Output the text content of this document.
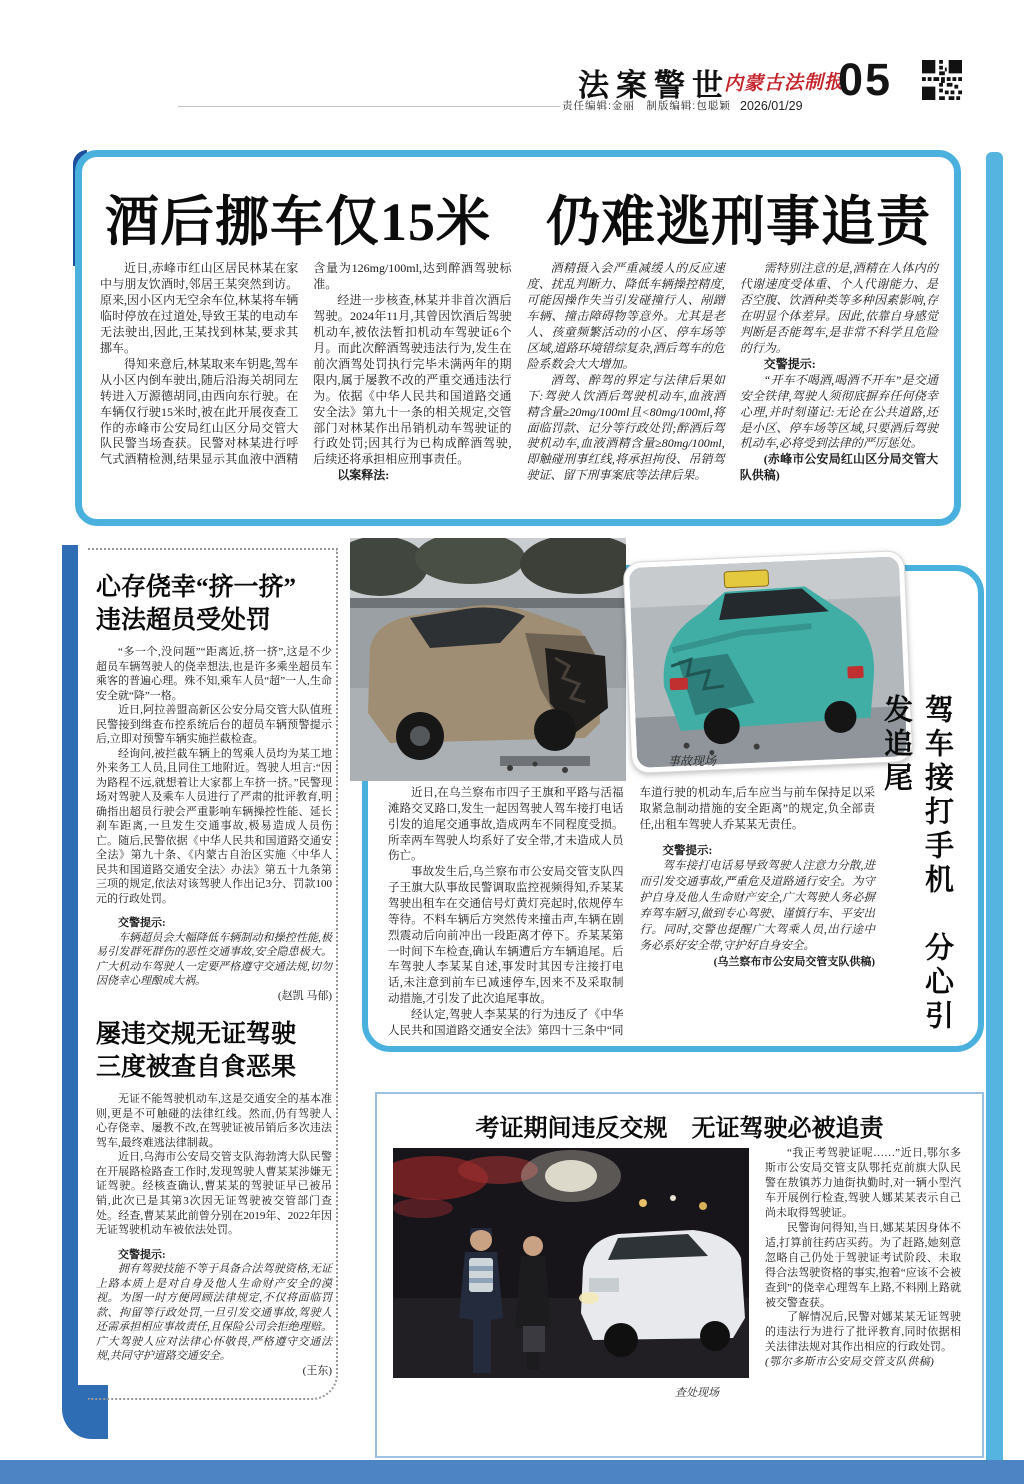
法案警世
责任编辑:金丽　制版编辑:包聪颖
内蒙古法制报
2026/01/29
05
酒后挪车仅15米　仍难逃刑事追责

近日,赤峰市红山区居民林某在家中与朋友饮酒时,邻居王某突然到访。原来,因小区内无空余车位,林某将车辆临时停放在过道处,导致王某的电动车无法驶出,因此,王某找到林某,要求其挪车。

得知来意后,林某取来车钥匙,驾车从小区内倒车驶出,随后沿海关胡同左转进入万源德胡同,由西向东行驶。在车辆仅行驶15米时,被在此开展夜查工作的赤峰市公安局红山区分局交管大队民警当场查获。民警对林某进行呼气式酒精检测,结果显示其血液中酒精含量为126mg/100ml,达到醉酒驾驶标准。

经进一步核查,林某并非首次酒后驾驶。2024年11月,其曾因饮酒后驾驶机动车,被依法暂扣机动车驾驶证6个月。而此次醉酒驾驶违法行为,发生在前次酒驾处罚执行完毕未满两年的期限内,属于屡教不改的严重交通违法行为。依据《中华人民共和国道路交通安全法》第九十一条的相关规定,交管部门对林某作出吊销机动车驾驶证的行政处罚;因其行为已构成醉酒驾驶,后续还将承担相应刑事责任。

以案释法:

酒精摄入会严重减缓人的反应速度、扰乱判断力、降低车辆操控精度,可能因操作失当引发碰撞行人、剐蹭车辆、撞击障碍物等意外。尤其是老人、孩童频繁活动的小区、停车场等区域,道路环境错综复杂,酒后驾车的危险系数会大大增加。

酒驾、醉驾的界定与法律后果如下:驾驶人饮酒后驾驶机动车,血液酒精含量≥20mg/100ml且<80mg/100ml,将面临罚款、记分等行政处罚;醉酒后驾驶机动车,血液酒精含量≥80mg/100ml,即触碰刑事红线,将承担拘役、吊销驾驶证、留下刑事案底等法律后果。

需特别注意的是,酒精在人体内的代谢速度受体重、个人代谢能力、是否空腹、饮酒种类等多种因素影响,存在明显个体差异。因此,依靠自身感觉判断是否能驾车,是非常不科学且危险的行为。

交警提示:

“开车不喝酒,喝酒不开车”是交通安全铁律,驾驶人须彻底摒弃任何侥幸心理,并时刻谨记:无论在公共道路,还是小区、停车场等区域,只要酒后驾驶机动车,必将受到法律的严厉惩处。

(赤峰市公安局红山区分局交管大队供稿)

心存侥幸“挤一挤”
违法超员受处罚

“多一个,没问题”“距离近,挤一挤”,这是不少超员车辆驾驶人的侥幸想法,也是许多乘坐超员车乘客的普遍心理。殊不知,乘车人员“超”一人,生命安全就“降”一格。

近日,阿拉善盟高新区公安分局交管大队值班民警接到缉查布控系统后台的超员车辆预警提示后,立即对预警车辆实施拦截检查。

经询问,被拦截车辆上的驾乘人员均为某工地外来务工人员,且同住工地附近。驾驶人坦言:“因为路程不远,就想着让大家都上车挤一挤。”民警现场对驾驶人及乘车人员进行了严肃的批评教育,明确指出超员行驶会严重影响车辆操控性能、延长刹车距离,一旦发生交通事故,极易造成人员伤亡。随后,民警依据《中华人民共和国道路交通安全法》第九十条、《内蒙古自治区实施〈中华人民共和国道路交通安全法〉办法》第五十九条第三项的规定,依法对该驾驶人作出记3分、罚款100元的行政处罚。

交警提示:

车辆超员会大幅降低车辆制动和操控性能,极易引发群死群伤的恶性交通事故,安全隐患极大。广大机动车驾驶人一定要严格遵守交通法规,切勿因侥幸心理酿成大祸。

(赵凯 马郁)

屡违交规无证驾驶
三度被查自食恶果

无证不能驾驶机动车,这是交通安全的基本准则,更是不可触碰的法律红线。然而,仍有驾驶人心存侥幸、屡教不改,在驾驶证被吊销后多次违法驾车,最终难逃法律制裁。

近日,乌海市公安局交管支队海勃湾大队民警在开展路检路查工作时,发现驾驶人曹某某涉嫌无证驾驶。经核查确认,曹某某的驾驶证早已被吊销,此次已是其第3次因无证驾驶被交管部门查处。经查,曹某某此前曾分别在2019年、2022年因无证驾驶机动车被依法处罚。

交警提示:

拥有驾驶技能不等于具备合法驾驶资格,无证上路本质上是对自身及他人生命财产安全的漠视。为图一时方便罔顾法律规定,不仅将面临罚款、拘留等行政处罚,一旦引发交通事故,驾驶人还需承担相应事故责任,且保险公司会拒绝理赔。广大驾驶人应对法律心怀敬畏,严格遵守交通法规,共同守护道路交通安全。

(王东)

事故现场	驾车接打手机　分心引发追尾

近日,在乌兰察布市四子王旗和平路与活福滩路交叉路口,发生一起因驾驶人驾车接打电话引发的追尾交通事故,造成两车不同程度受损。所幸两车驾驶人均系好了安全带,才未造成人员伤亡。

事故发生后,乌兰察布市公安局交管支队四子王旗大队事故民警调取监控视频得知,乔某某驾驶出租车在交通信号灯黄灯亮起时,依规停车等待。不料车辆后方突然传来撞击声,车辆在剧烈震动后向前冲出一段距离才停下。乔某某第一时间下车检查,确认车辆遭后方车辆追尾。后车驾驶人李某某自述,事发时其因专注接打电话,未注意到前车已减速停车,因来不及采取制动措施,才引发了此次追尾事故。

经认定,驾驶人李某某的行为违反了《中华人民共和国道路交通安全法》第四十三条中“同车道行驶的机动车,后车应当与前车保持足以采取紧急制动措施的安全距离”的规定,负全部责任,出租车驾驶人乔某某无责任。

交警提示:

驾车接打电话易导致驾驶人注意力分散,进而引发交通事故,严重危及道路通行安全。为守护自身及他人生命财产安全,广大驾驶人务必摒弃驾车陋习,做到专心驾驶、谨慎行车、平安出行。同时,交警也提醒广大驾乘人员,出行途中务必系好安全带,守护好自身安全。

(乌兰察布市公安局交管支队供稿)

考证期间违反交规　无证驾驶必被追责
查处现场

“我正考驾驶证呢……”近日,鄂尔多斯市公安局交管支队鄂托克前旗大队民警在敖镇苏力迪街执勤时,对一辆小型汽车开展例行检查,驾驶人娜某某表示自己尚未取得驾驶证。

民警询问得知,当日,娜某某因身体不适,打算前往药店买药。为了赶路,她刻意忽略自己仍处于驾驶证考试阶段、未取得合法驾驶资格的事实,抱着“应该不会被查到”的侥幸心理驾车上路,不料刚上路就被交警查获。

了解情况后,民警对娜某某无证驾驶的违法行为进行了批评教育,同时依据相关法律法规对其作出相应的行政处罚。

(鄂尔多斯市公安局交管支队供稿)
